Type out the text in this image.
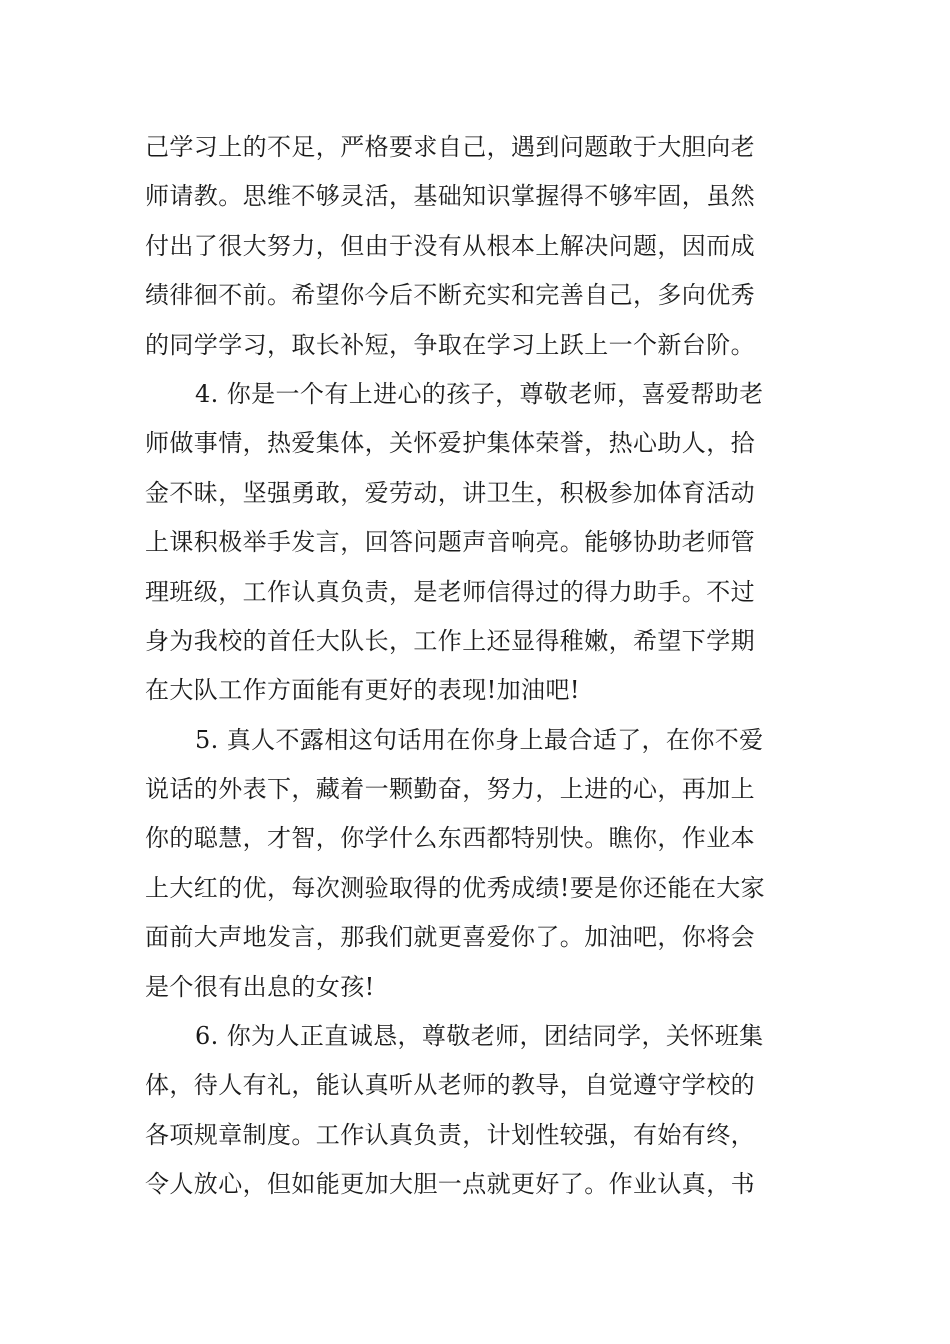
己学习上的不足，严格要求自己，遇到问题敢于大胆向老
师请教。思维不够灵活，基础知识掌握得不够牢固，虽然
付出了很大努力，但由于没有从根本上解决问题，因而成
绩徘徊不前。希望你今后不断充实和完善自己，多向优秀
的同学学习，取长补短，争取在学习上跃上一个新台阶。
4. 你是一个有上进心的孩子，尊敬老师，喜爱帮助老
师做事情，热爱集体，关怀爱护集体荣誉，热心助人，拾
金不昧，坚强勇敢，爱劳动，讲卫生，积极参加体育活动
上课积极举手发言，回答问题声音响亮。能够协助老师管
理班级，工作认真负责，是老师信得过的得力助手。不过
身为我校的首任大队长，工作上还显得稚嫩，希望下学期
在大队工作方面能有更好的表现!加油吧!
5. 真人不露相这句话用在你身上最合适了，在你不爱
说话的外表下，藏着一颗勤奋，努力，上进的心，再加上
你的聪慧，才智，你学什么东西都特别快。瞧你，作业本
上大红的优，每次测验取得的优秀成绩!要是你还能在大家
面前大声地发言，那我们就更喜爱你了。加油吧，你将会
是个很有出息的女孩!
6. 你为人正直诚恳，尊敬老师，团结同学，关怀班集
体，待人有礼，能认真听从老师的教导，自觉遵守学校的
各项规章制度。工作认真负责，计划性较强，有始有终，
令人放心，但如能更加大胆一点就更好了。作业认真，书
